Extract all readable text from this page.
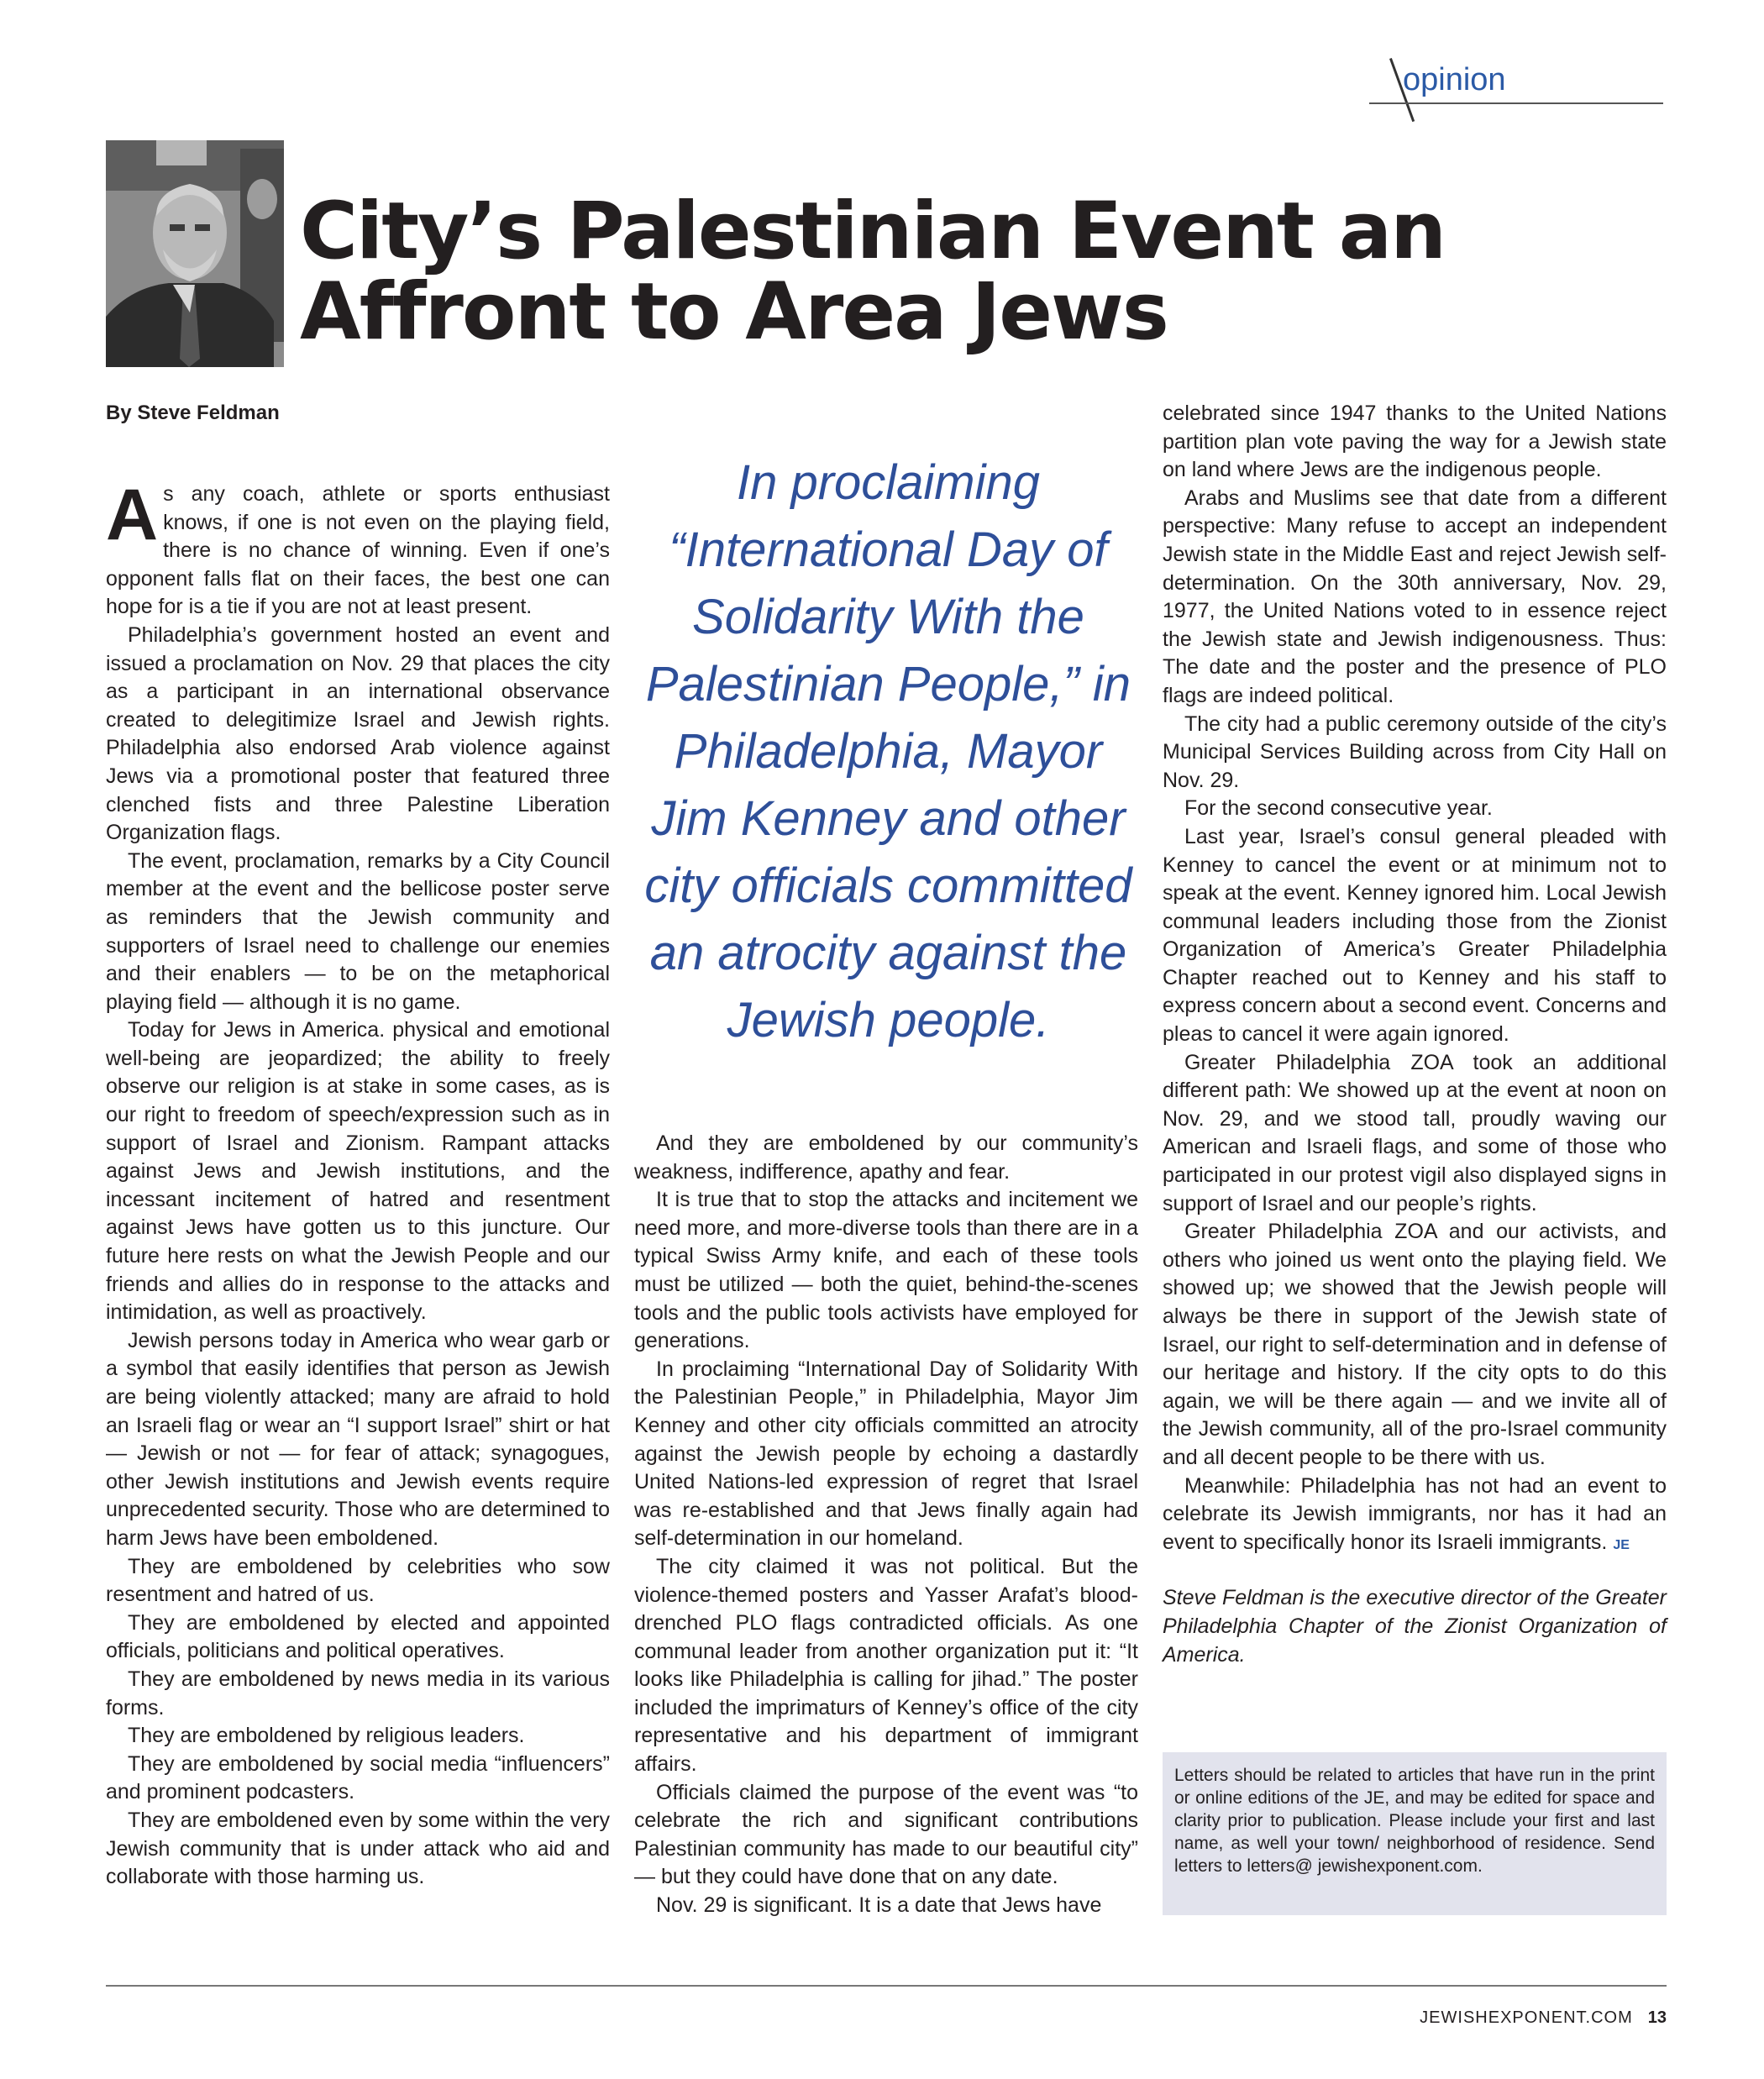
opinion
City’s Palestinian Event an Affront to Area Jews
By Steve Feldman

As any coach, athlete or sports enthusiast knows, if one is not even on the playing field, there is no chance of winning. Even if one’s opponent falls flat on their faces, the best one can hope for is a tie if you are not at least present.

Philadelphia’s government hosted an event and issued a proclamation on Nov. 29 that places the city as a participant in an international observance created to delegitimize Israel and Jewish rights. Philadelphia also endorsed Arab violence against Jews via a promotional poster that featured three clenched fists and three Palestine Liberation Organization flags.

The event, proclamation, remarks by a City Council member at the event and the bellicose poster serve as reminders that the Jewish community and supporters of Israel need to challenge our enemies and their enablers — to be on the metaphorical playing field — although it is no game.

Today for Jews in America. physical and emotional well-being are jeopardized; the ability to freely observe our religion is at stake in some cases, as is our right to freedom of speech/expression such as in support of Israel and Zionism. Rampant attacks against Jews and Jewish institutions, and the incessant incitement of hatred and resentment against Jews have gotten us to this juncture. Our future here rests on what the Jewish People and our friends and allies do in response to the attacks and intimidation, as well as proactively.

Jewish persons today in America who wear garb or a symbol that easily identifies that person as Jewish are being violently attacked; many are afraid to hold an Israeli flag or wear an “I support Israel” shirt or hat — Jewish or not — for fear of attack; synagogues, other Jewish institutions and Jewish events require unprecedented security. Those who are determined to harm Jews have been emboldened.

They are emboldened by celebrities who sow resentment and hatred of us.

They are emboldened by elected and appointed officials, politicians and political operatives.

They are emboldened by news media in its various forms.

They are emboldened by religious leaders.

They are emboldened by social media “influencers” and prominent podcasters.

They are emboldened even by some within the very Jewish community that is under attack who aid and collaborate with those harming us.

In proclaiming “International Day of Solidarity With the Palestinian People,” in Philadelphia, Mayor Jim Kenney and other city officials committed an atrocity against the Jewish people.

And they are emboldened by our community’s weakness, indifference, apathy and fear.

It is true that to stop the attacks and incitement we need more, and more-diverse tools than there are in a typical Swiss Army knife, and each of these tools must be utilized — both the quiet, behind-the-scenes tools and the public tools activists have employed for generations.

In proclaiming “International Day of Solidarity With the Palestinian People,” in Philadelphia, Mayor Jim Kenney and other city officials committed an atrocity against the Jewish people by echoing a dastardly United Nations-led expression of regret that Israel was re-established and that Jews finally again had self-determination in our homeland.

The city claimed it was not political. But the violence-themed posters and Yasser Arafat’s blood-drenched PLO flags contradicted officials. As one communal leader from another organization put it: “It looks like Philadelphia is calling for jihad.” The poster included the imprimaturs of Kenney’s office of the city representative and his department of immigrant affairs.

Officials claimed the purpose of the event was “to celebrate the rich and significant contributions Palestinian community has made to our beautiful city” — but they could have done that on any date.

Nov. 29 is significant. It is a date that Jews have

celebrated since 1947 thanks to the United Nations partition plan vote paving the way for a Jewish state on land where Jews are the indigenous people.

Arabs and Muslims see that date from a different perspective: Many refuse to accept an independent Jewish state in the Middle East and reject Jewish self-determination. On the 30th anniversary, Nov. 29, 1977, the United Nations voted to in essence reject the Jewish state and Jewish indigenousness. Thus: The date and the poster and the presence of PLO flags are indeed political.

The city had a public ceremony outside of the city’s Municipal Services Building across from City Hall on Nov. 29.

For the second consecutive year.

Last year, Israel’s consul general pleaded with Kenney to cancel the event or at minimum not to speak at the event. Kenney ignored him. Local Jewish communal leaders including those from the Zionist Organization of America’s Greater Philadelphia Chapter reached out to Kenney and his staff to express concern about a second event. Concerns and pleas to cancel it were again ignored.

Greater Philadelphia ZOA took an additional different path: We showed up at the event at noon on Nov. 29, and we stood tall, proudly waving our American and Israeli flags, and some of those who participated in our protest vigil also displayed signs in support of Israel and our people’s rights.

Greater Philadelphia ZOA and our activists, and others who joined us went onto the playing field. We showed up; we showed that the Jewish people will always be there in support of the Jewish state of Israel, our right to self-determination and in defense of our heritage and history. If the city opts to do this again, we will be there again — and we invite all of the Jewish community, all of the pro-Israel community and all decent people to be there with us.

Meanwhile: Philadelphia has not had an event to celebrate its Jewish immigrants, nor has it had an event to specifically honor its Israeli immigrants. JE

Steve Feldman is the executive director of the Greater Philadelphia Chapter of the Zionist Organization of America.

Letters should be related to articles that have run in the print or online editions of the JE, and may be edited for space and clarity prior to publication. Please include your first and last name, as well your town/ neighborhood of residence. Send letters to letters@ jewishexponent.com.
JEWISHEXPONENT.COM 13
